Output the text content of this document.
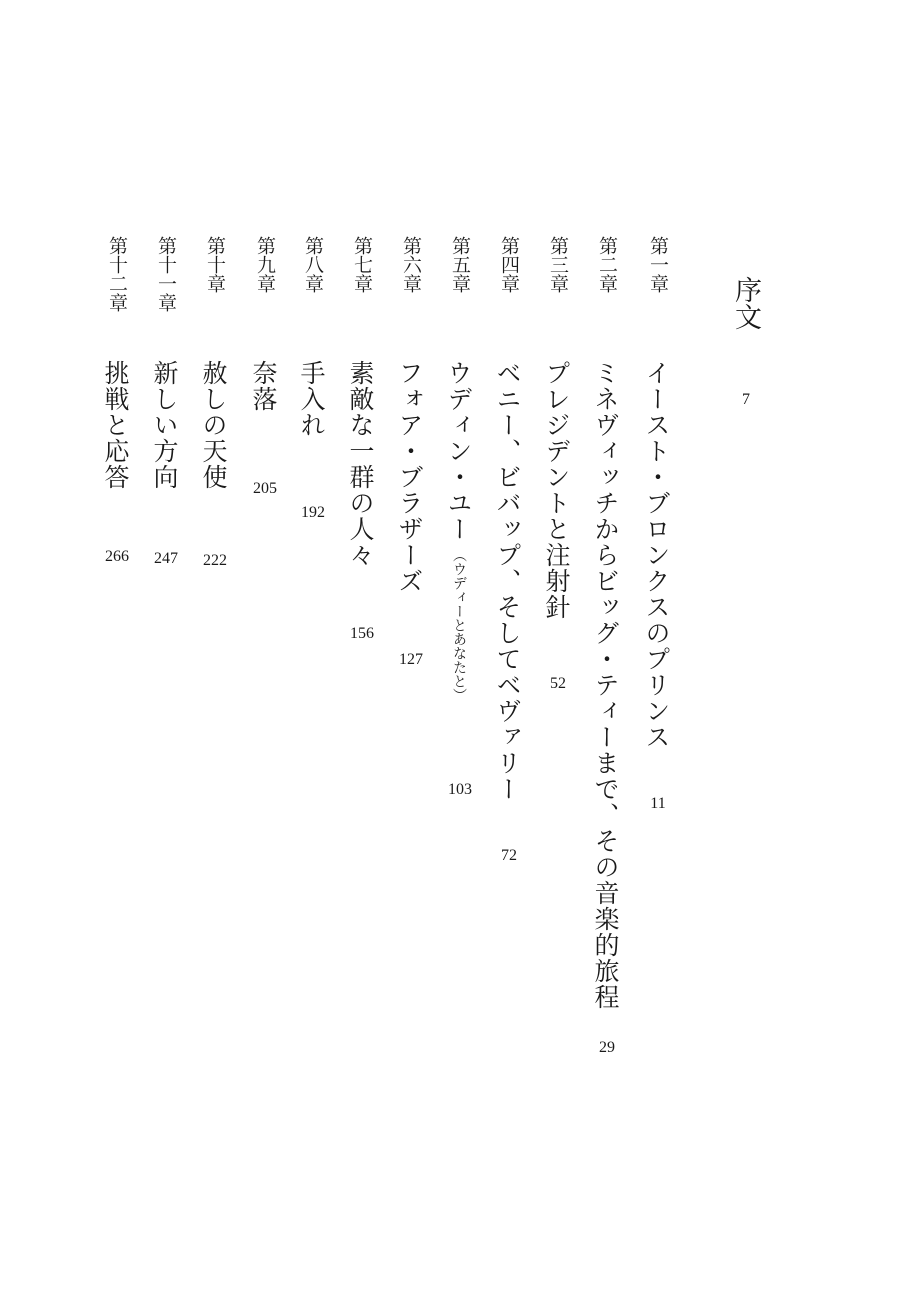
序文
7
第一章
イースト・ブロンクスのプリンス
11
第二章
ミネヴィッチからビッグ・ティーまで、その音楽的旅程
29
第三章
プレジデントと注射針
52
第四章
ベニー、ビバップ、そしてベヴァリー
72
第五章
ウディン・ユー
（ウディーとあなたと）
103
第六章
フォア・ブラザーズ
127
第七章
素敵な一群の人々
156
第八章
手入れ
192
第九章
奈落
205
第十章
赦しの天使
222
第十一章
新しい方向
247
第十二章
挑戦と応答
266
